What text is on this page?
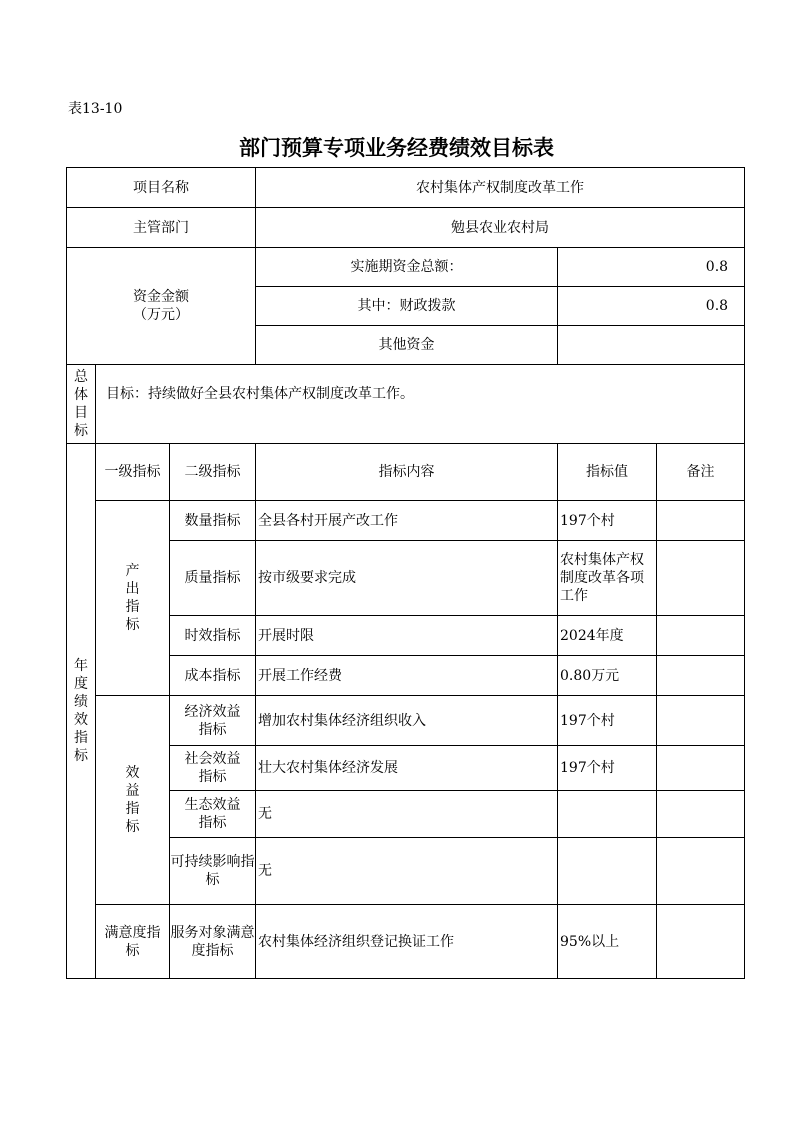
表13-10
部门预算专项业务经费绩效目标表
项目名称			农村集体产权制度改革工作		
主管部门			勉县农业农村局		

资金金额
（万元）			实施期资金总额：	0.8	
			其中：财政拨款	0.8	
			其他资金		

总体目标	目标：持续做好全县农村集体产权制度改革工作。				

年度绩效指标	一级指标	二级指标	指标内容	指标值	备注

	产出指标	数量指标	全县各村开展产改工作	197个村	
		质量指标	按市级要求完成	农村集体产权制度改革各项工作	
		时效指标	开展时限	2024年度	
		成本指标	开展工作经费	0.80万元	

	效益指标	经济效益指标	增加农村集体经济组织收入	197个村	
		社会效益指标	壮大农村集体经济发展	197个村	
		生态效益指标	无		
		可持续影响指标	无		
	满意度指标	服务对象满意度指标	农村集体经济组织登记换证工作	95%以上	
